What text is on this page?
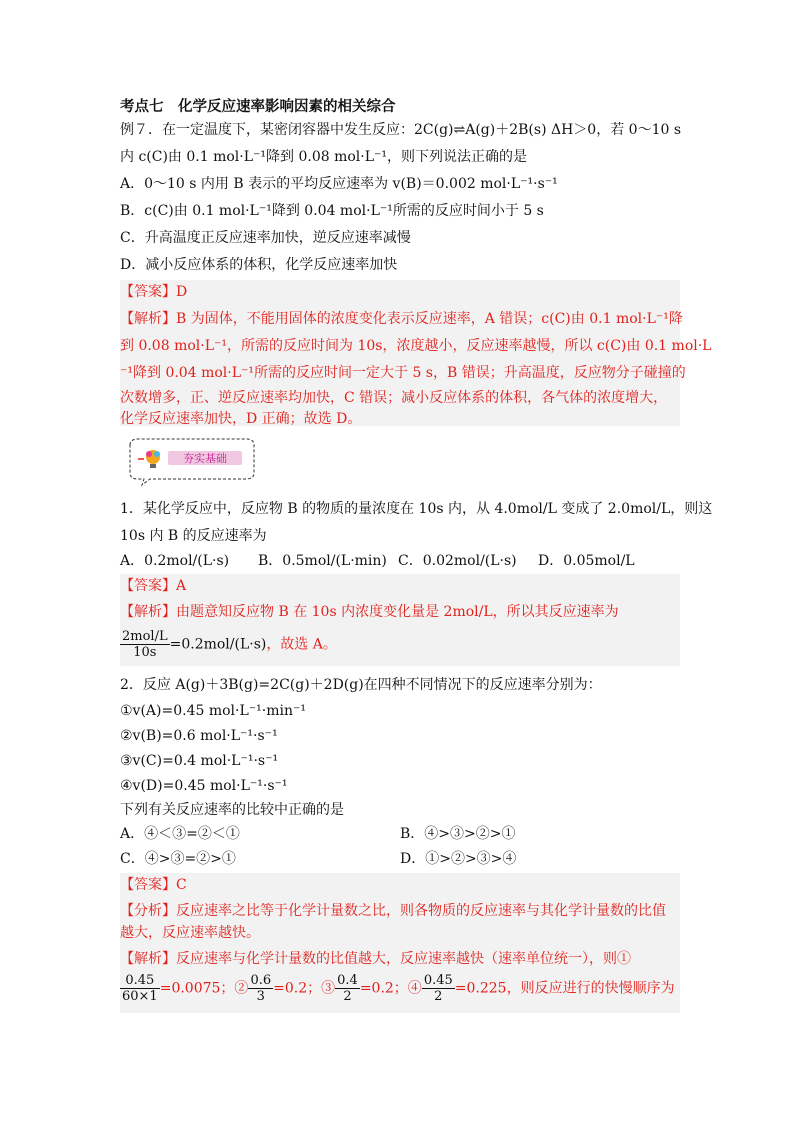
考点七　化学反应速率影响因素的相关综合
例７．在一定温度下，某密闭容器中发生反应：2C(g)⇌A(g)＋2B(s) ΔH＞0，若 0～10 s
内 c(C)由 0.1 mol·L⁻¹降到 0.08 mol·L⁻¹，则下列说法正确的是
A．0～10 s 内用 B 表示的平均反应速率为 v(B)＝0.002 mol·L⁻¹·s⁻¹
B．c(C)由 0.1 mol·L⁻¹降到 0.04 mol·L⁻¹所需的反应时间小于 5 s
C．升高温度正反应速率加快，逆反应速率减慢
D．减小反应体系的体积，化学反应速率加快
【答案】D
【解析】B 为固体，不能用固体的浓度变化表示反应速率，A 错误；c(C)由 0.1 mol·L⁻¹降
到 0.08 mol·L⁻¹，所需的反应时间为 10s，浓度越小，反应速率越慢，所以 c(C)由 0.1 mol·L
⁻¹降到 0.04 mol·L⁻¹所需的反应时间一定大于 5 s，B 错误；升高温度，反应物分子碰撞的
次数增多，正、逆反应速率均加快，C 错误；减小反应体系的体积，各气体的浓度增大，
化学反应速率加快，D 正确；故选 D。
夯实基础
1．某化学反应中，反应物 B 的物质的量浓度在 10s 内，从 4.0mol/L 变成了 2.0mol/L，则这
10s 内 B 的反应速率为
A．0.2mol/(L·s) B．0.5mol/(L·min) C．0.02mol/(L·s) D．0.05mol/L
【答案】A
【解析】由题意知反应物 B 在 10s 内浓度变化量是 2mol/L，所以其反应速率为
$\frac{\text{2mol/L}}{10s} =0.2mol/(L\cdot s)$，故选 A。
2．反应 A(g)＋3B(g)=2C(g)＋2D(g)在四种不同情况下的反应速率分别为：
①v(A)=0.45 mol·L⁻¹·min⁻¹
②v(B)=0.6 mol·L⁻¹·s⁻¹
③v(C)=0.4 mol·L⁻¹·s⁻¹
④v(D)=0.45 mol·L⁻¹·s⁻¹
下列有关反应速率的比较中正确的是
A．④＜③=②＜①	B．④>③>②>①
C．④>③=②>①	D．①>②>③>④
【答案】C
【分析】反应速率之比等于化学计量数之比，则各物质的反应速率与其化学计量数的比值
越大，反应速率越快。
【解析】反应速率与化学计量数的比值越大，反应速率越快（速率单位统一），则①
$\frac{0.45}{60\times 1} =0.0075$；② $\frac{0.6}{3} =0.2$；③ $\frac{0.4}{2} =0.2$；④ $\frac{0.45}{2} =0.225$，则反应进行的快慢顺序为
